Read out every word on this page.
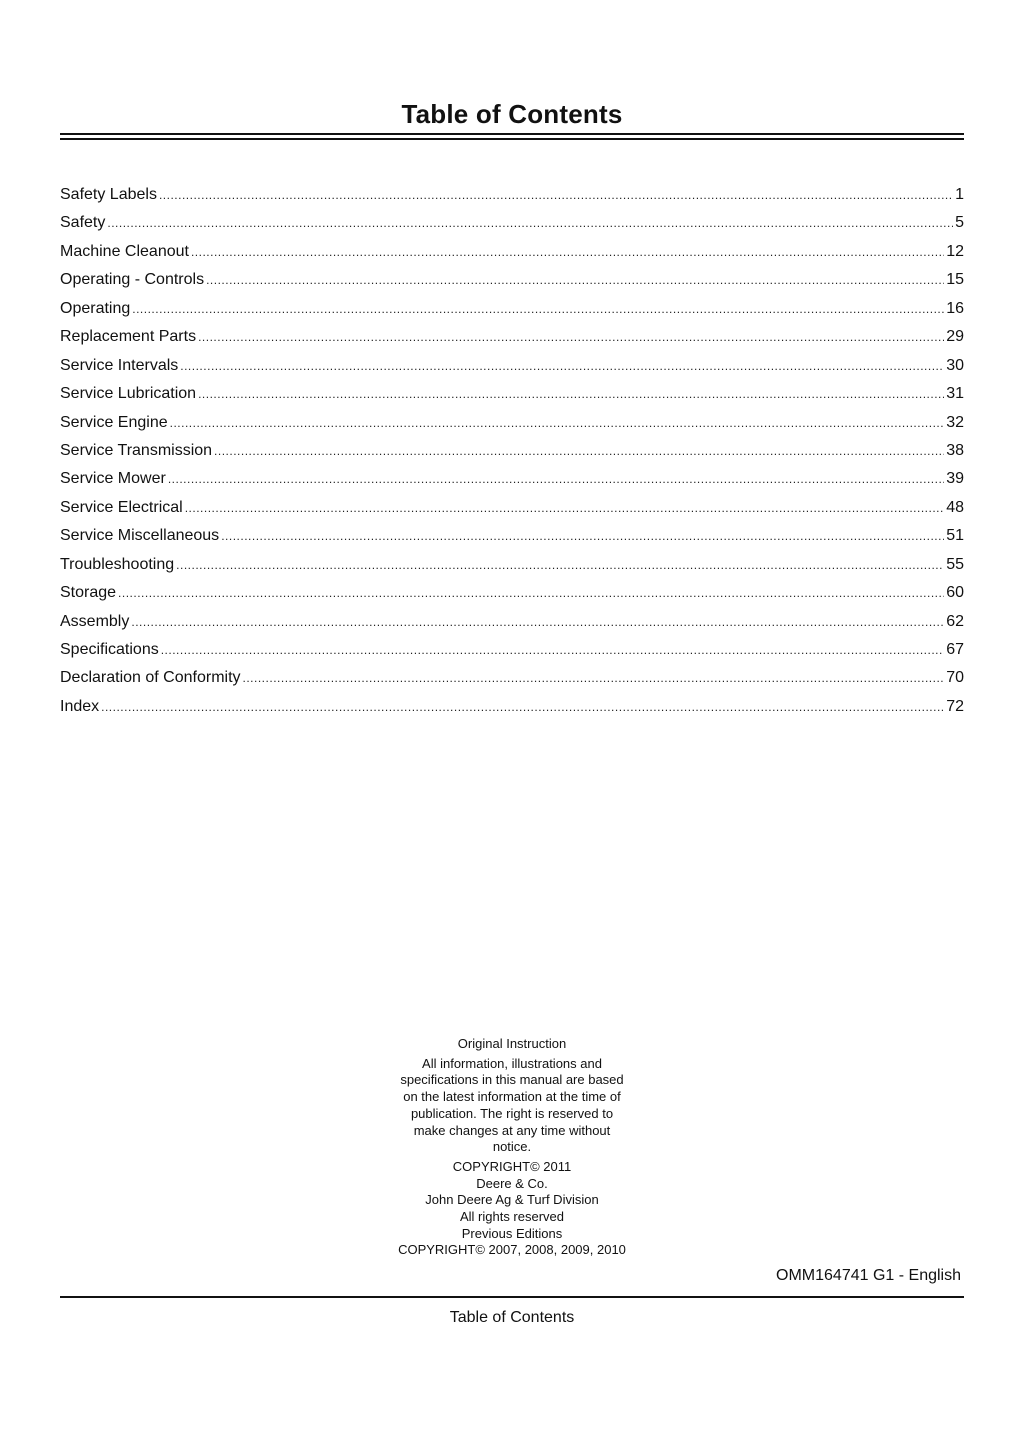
Table of Contents
Safety Labels .....	1
Safety .....	5
Machine Cleanout .....	12
Operating - Controls .....	15
Operating .....	16
Replacement Parts .....	29
Service Intervals .....	30
Service Lubrication .....	31
Service Engine .....	32
Service Transmission .....	38
Service Mower .....	39
Service Electrical .....	48
Service Miscellaneous .....	51
Troubleshooting .....	55
Storage .....	60
Assembly .....	62
Specifications .....	67
Declaration of Conformity .....	70
Index .....	72

Original Instruction

All information, illustrations and specifications in this manual are based on the latest information at the time of publication. The right is reserved to make changes at any time without notice.

COPYRIGHT© 2011

Deere & Co.

John Deere Ag & Turf Division

All rights reserved

Previous Editions

COPYRIGHT© 2007, 2008, 2009, 2010

OMM164741 G1 - English
Table of Contents
